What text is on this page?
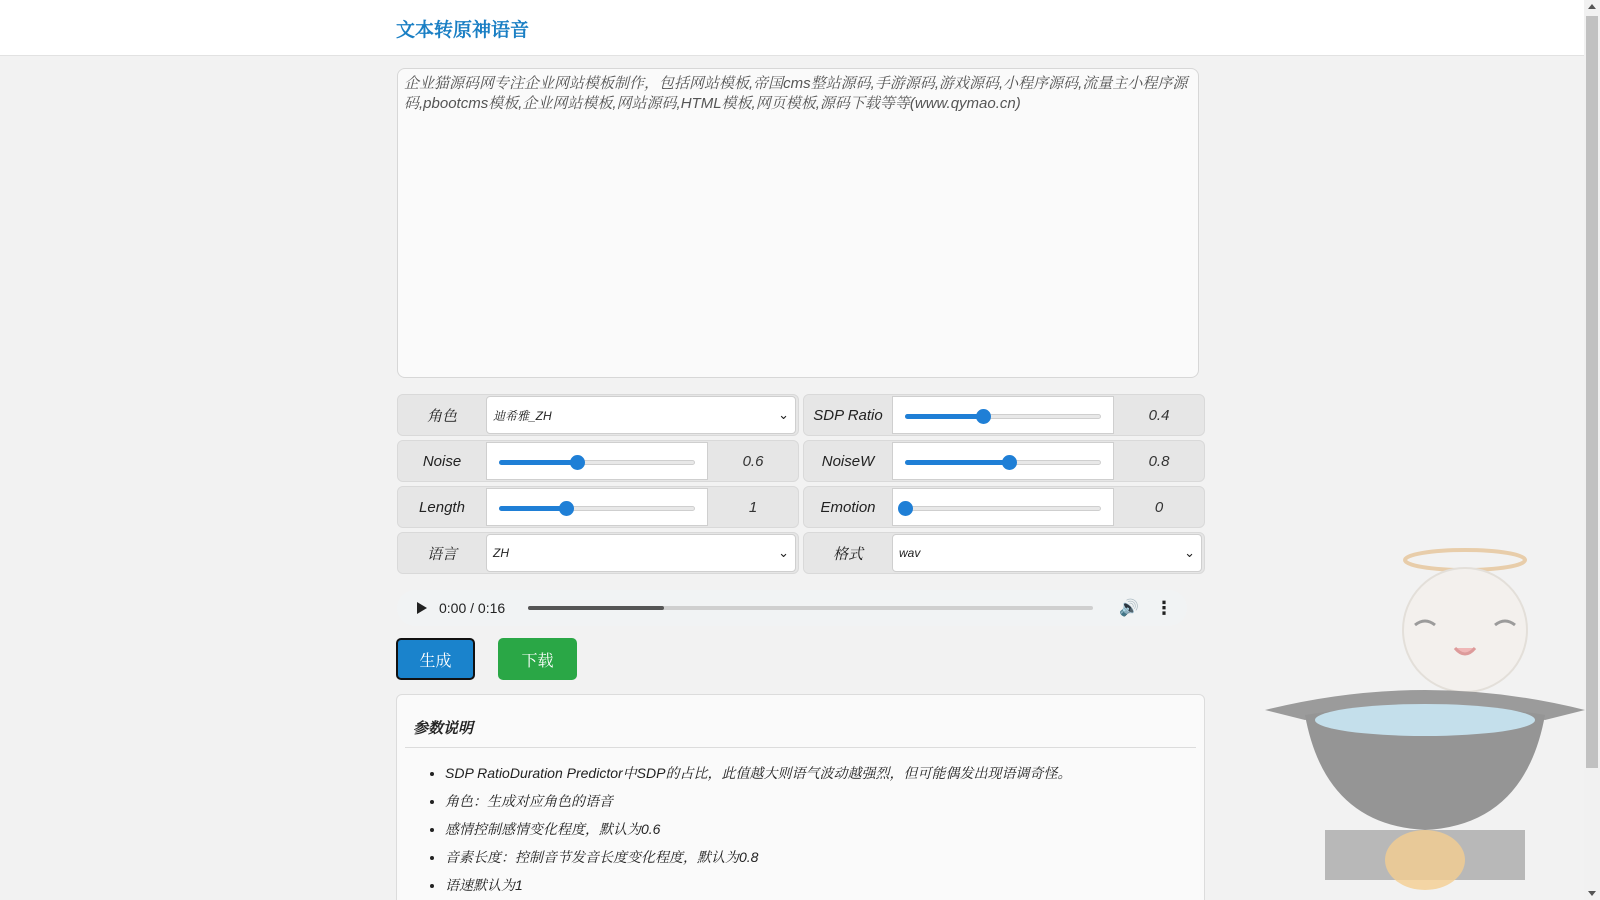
文本转原神语音
企业猫源码网专注企业网站模板制作，包括网站模板,帝国cms整站源码,手游源码,游戏源码,小程序源码,流量主小程序源码,pbootcms模板,企业网站模板,网站源码,HTML模板,网页模板,源码下载等等(www.qymao.cn)
角色	迪希雅_ZH	⌄	SDP Ratio	0.4
Noise	0.6	NoiseW	0.8
Length	1	Emotion	0
语言	ZH	⌄	格式	wav	⌄
0:00 / 0:16	🔊 ⋮
生成	下载
参数说明
• SDP RatioDuration Predictor中SDP的占比，此值越大则语气波动越强烈，但可能偶发出现语调奇怪。
• 角色：生成对应角色的语音
• 感情控制感情变化程度，默认为0.6
• 音素长度：控制音节发音长度变化程度，默认为0.8
• 语速默认为1
